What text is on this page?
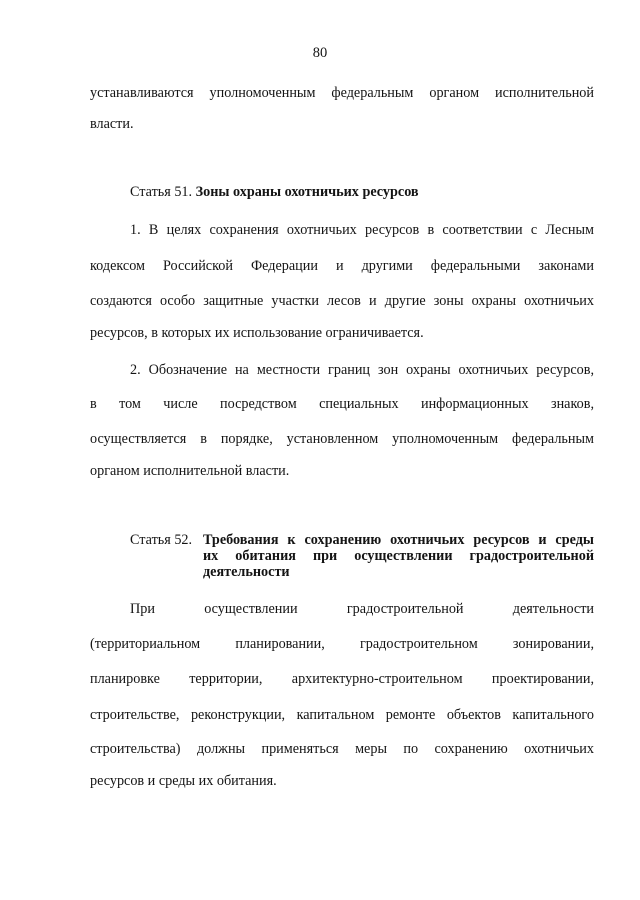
80
устанавливаются уполномоченным федеральным органом исполнительной
власти.
Статья 51. Зоны охраны охотничьих ресурсов
1. В целях сохранения охотничьих ресурсов в соответствии с Лесным
кодексом Российской Федерации и другими федеральными законами
создаются особо защитные участки лесов и другие зоны охраны охотничьих
ресурсов, в которых их использование ограничивается.
2. Обозначение на местности границ зон охраны охотничьих ресурсов,
в том числе посредством специальных информационных знаков,
осуществляется в порядке, установленном уполномоченным федеральным
органом исполнительной власти.
Статья 52. Требования к сохранению охотничьих ресурсов и среды
их обитания при осуществлении градостроительной
деятельности
При осуществлении градостроительной деятельности
(территориальном планировании, градостроительном зонировании,
планировке территории, архитектурно-строительном проектировании,
строительстве, реконструкции, капитальном ремонте объектов капитального
строительства) должны применяться меры по сохранению охотничьих
ресурсов и среды их обитания.
